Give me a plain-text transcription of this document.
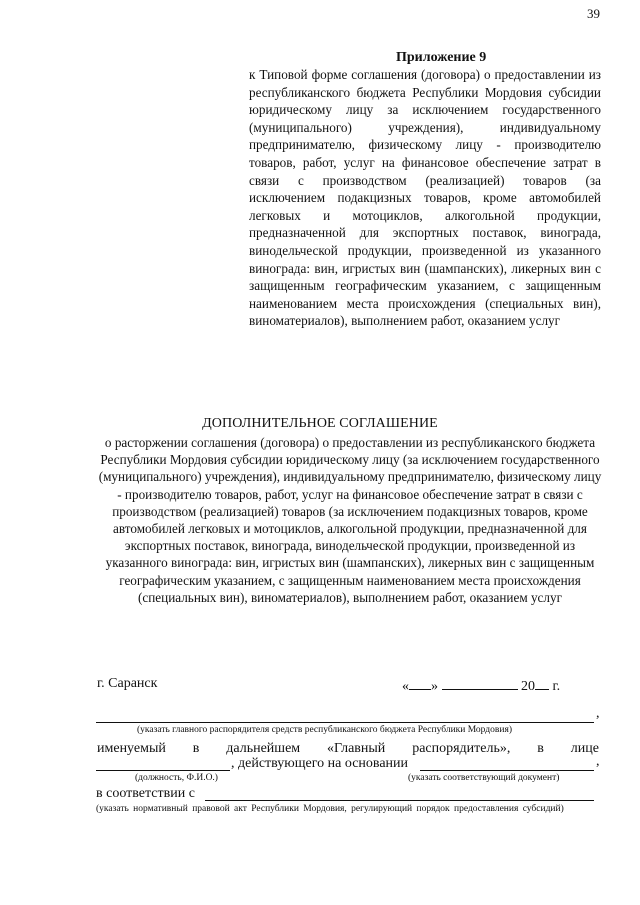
39
Приложение 9

к Типовой форме соглашения (договора) о предоставлении из республиканского бюджета Республики Мордовия субсидии юридическому лицу за исключением государственного (муниципального) учреждения), индивидуальному предпринимателю, физическому лицу - производителю товаров, работ, услуг на финансовое обеспечение затрат в связи с производством (реализацией) товаров (за исключением подакцизных товаров, кроме автомобилей легковых и мотоциклов, алкогольной продукции, предназначенной для экспортных поставок, винограда, винодельческой продукции, произведенной из указанного винограда: вин, игристых вин (шампанских), ликерных вин с защищенным географическим указанием, с защищенным наименованием места происхождения (специальных вин), виноматериалов), выполнением работ, оказанием услуг

ДОПОЛНИТЕЛЬНОЕ СОГЛАШЕНИЕ

о расторжении соглашения (договора) о предоставлении из республиканского бюджета Республики Мордовия субсидии юридическому лицу (за исключением государственного (муниципального) учреждения), индивидуальному предпринимателю, физическому лицу - производителю товаров, работ, услуг на финансовое обеспечение затрат в связи с производством (реализацией) товаров (за исключением подакцизных товаров, кроме автомобилей легковых и мотоциклов, алкогольной продукции, предназначенной для экспортных поставок, винограда, винодельческой продукции, произведенной из указанного винограда: вин, игристых вин (шампанских), ликерных вин с защищенным географическим указанием, с защищенным наименованием места происхождения (специальных вин), виноматериалов), выполнением работ, оказанием услуг

г. Саранск	« »	20 г.
,
(указать главного распорядителя средств республиканского бюджета Республики Мордовия)
именуемый в дальнейшем «Главный распорядитель», в лице
, действующего на основании	,
(должность, Ф.И.О.)	(указать соответствующий документ)
в соответствии с
(указать нормативный правовой акт Республики Мордовия, регулирующий порядок предоставления субсидий)
